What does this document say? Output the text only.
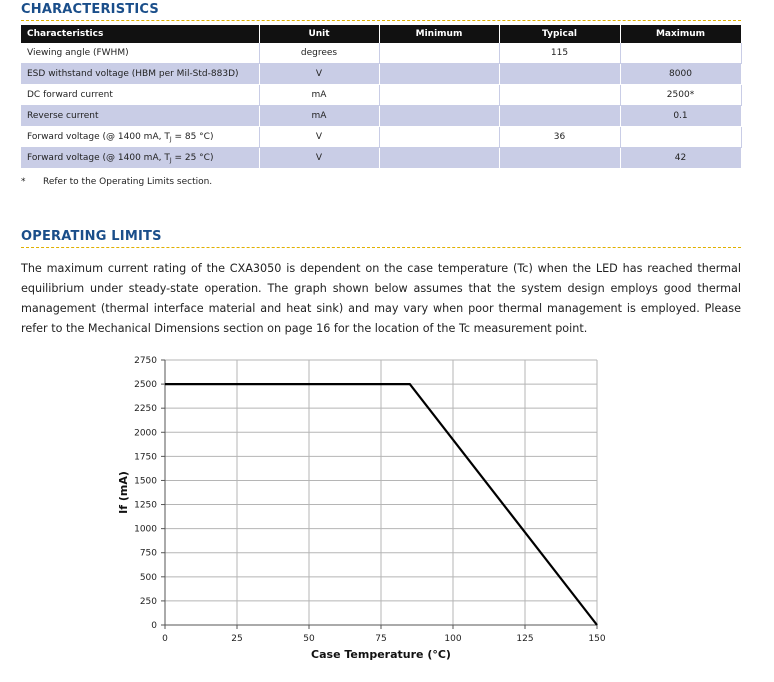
CHARACTERISTICS
Characteristics	Unit	Minimum	Typical	Maximum
Viewing angle (FWHM)	degrees		115	
ESD withstand voltage (HBM per Mil-Std-883D)	V			8000
DC forward current	mA			2500*
Reverse current	mA			0.1
Forward voltage (@ 1400 mA, $T_J = 85$ °C)	V		36	
Forward voltage (@ 1400 mA, $T_J = 25$ °C)	V			42
* Refer to the Operating Limits section.
OPERATING LIMITS
The maximum current rating of the CXA3050 is dependent on the case temperature (Tc) when the LED has reached thermal equilibrium under steady-state operation. The graph shown below assumes that the system design employs good thermal management (thermal interface material and heat sink) and may vary when poor thermal management is employed. Please refer to the Mechanical Dimensions section on page 16 for the location of the Tc measurement point.
0
250
500
750
1000
1250
1500
1750
2000
2250
2500
2750
0	25	50	75	100	125	150
Case Temperature (°C)
If (mA)
